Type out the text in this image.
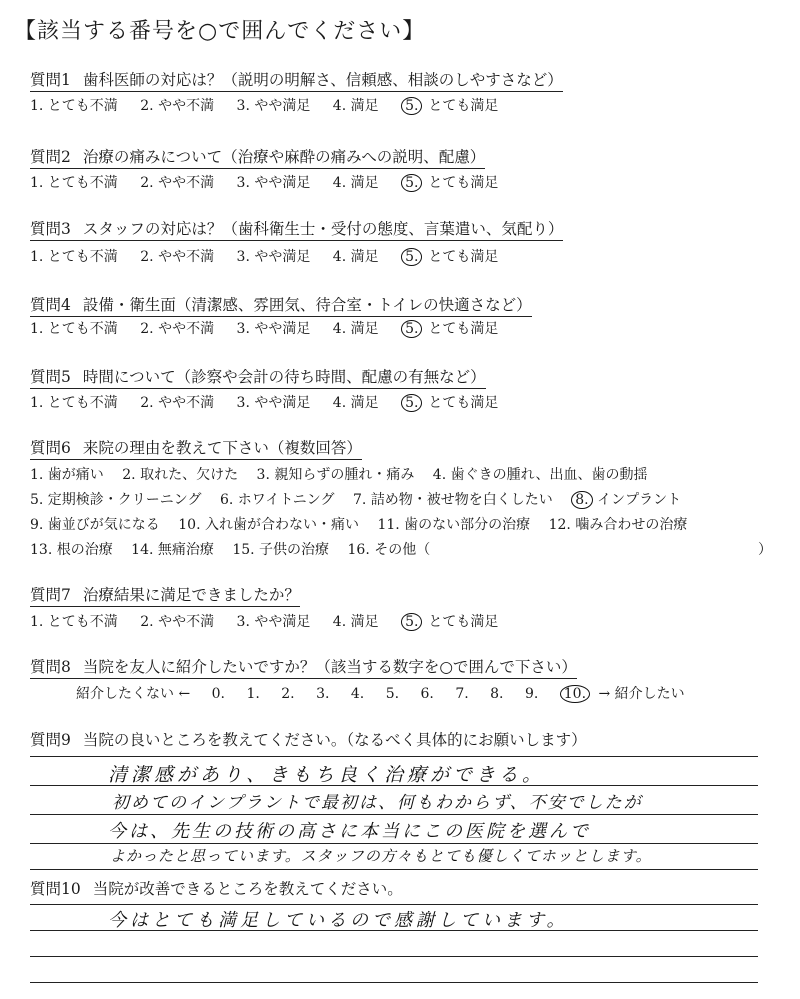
【該当する番号を○で囲んでください】
質問1 歯科医師の対応は？（説明の明解さ、信頼感、相談のしやすさなど）
1. とても不満 2. やや不満 3. やや満足 4. 満足 5. とても満足
質問2 治療の痛みについて（治療や麻酔の痛みへの説明、配慮）
1. とても不満 2. やや不満 3. やや満足 4. 満足 5. とても満足
質問3 スタッフの対応は？（歯科衛生士・受付の態度、言葉遣い、気配り）
1. とても不満 2. やや不満 3. やや満足 4. 満足 5. とても満足
質問4 設備・衛生面（清潔感、雰囲気、待合室・トイレの快適さなど）
1. とても不満 2. やや不満 3. やや満足 4. 満足 5. とても満足
質問5 時間について（診察や会計の待ち時間、配慮の有無など）
1. とても不満 2. やや不満 3. やや満足 4. 満足 5. とても満足
質問6 来院の理由を教えて下さい（複数回答）
1. 歯が痛い 2. 取れた、欠けた 3. 親知らずの腫れ・痛み 4. 歯ぐきの腫れ、出血、歯の動揺
5. 定期検診・クリーニング 6. ホワイトニング 7. 詰め物・被せ物を白くしたい 8. インプラント
9. 歯並びが気になる 10. 入れ歯が合わない・痛い 11. 歯のない部分の治療 12. 噛み合わせの治療
13. 根の治療 14. 無痛治療 15. 子供の治療 16. その他（	）
質問7 治療結果に満足できましたか？
1. とても不満 2. やや不満 3. やや満足 4. 満足 5. とても満足
質問8 当院を友人に紹介したいですか？（該当する数字を○で囲んで下さい）
紹介したくない ← 0. 1. 2. 3. 4. 5. 6. 7. 8. 9. 10. → 紹介したい
質問9 当院の良いところを教えてください。（なるべく具体的にお願いします）
清潔感があり、きもち良く治療ができる。
初めてのインプラントで最初は、何もわからず、不安でしたが
今は、先生の技術の高さに本当にこの医院を選んで
よかったと思っています。スタッフの方々もとても優しくてホッとします。
質問10 当院が改善できるところを教えてください。
今はとても満足しているので感謝しています。
